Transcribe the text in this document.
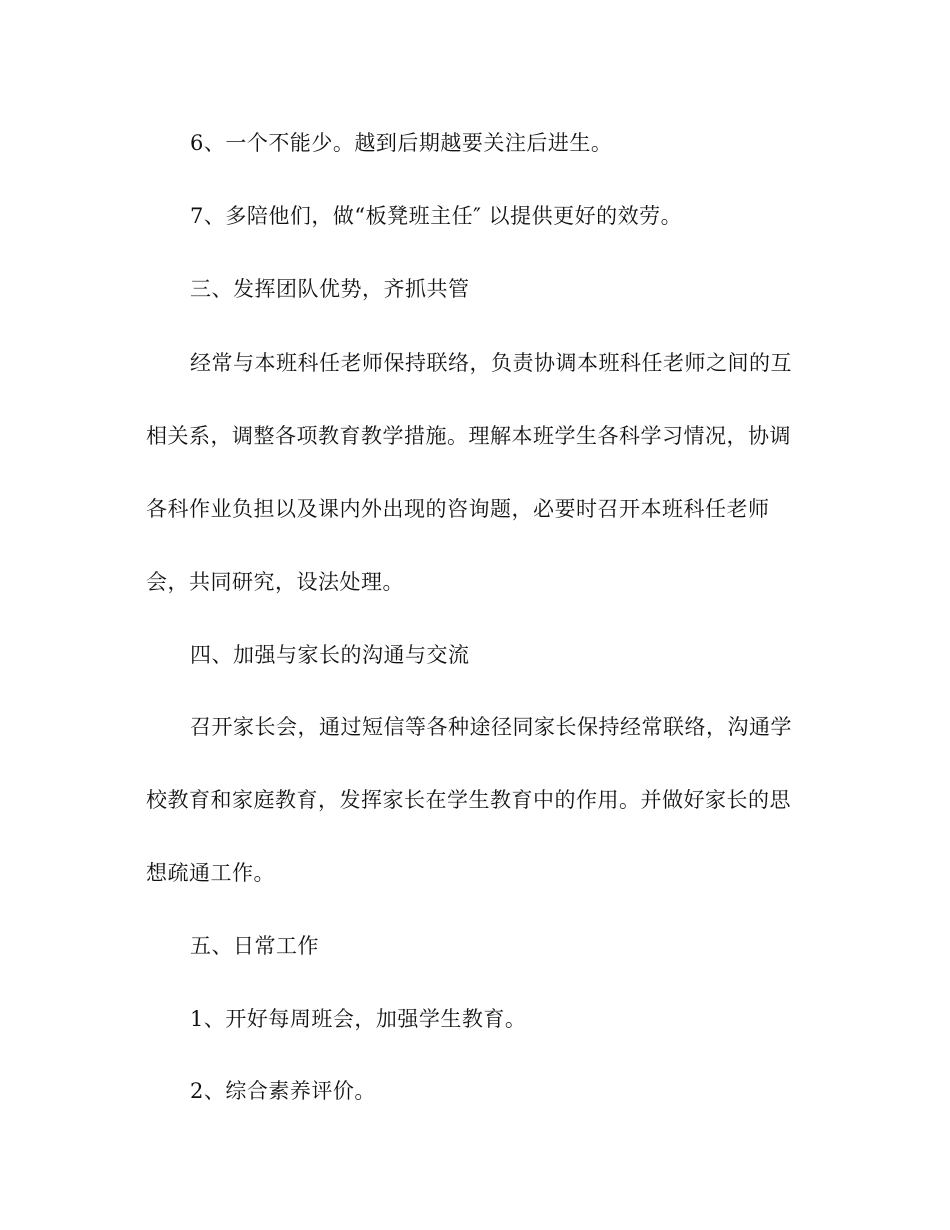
6、一个不能少。越到后期越要关注后进生。
7、多陪他们，做“板凳班主任″ 以提供更好的效劳。
三、发挥团队优势，齐抓共管
经常与本班科任老师保持联络，负责协调本班科任老师之间的互
相关系，调整各项教育教学措施。理解本班学生各科学习情况，协调
各科作业负担以及课内外出现的咨询题，必要时召开本班科任老师
会，共同研究，设法处理。
四、加强与家长的沟通与交流
召开家长会，通过短信等各种途径同家长保持经常联络，沟通学
校教育和家庭教育，发挥家长在学生教育中的作用。并做好家长的思
想疏通工作。
五、日常工作
1、开好每周班会，加强学生教育。
2、综合素养评价。
